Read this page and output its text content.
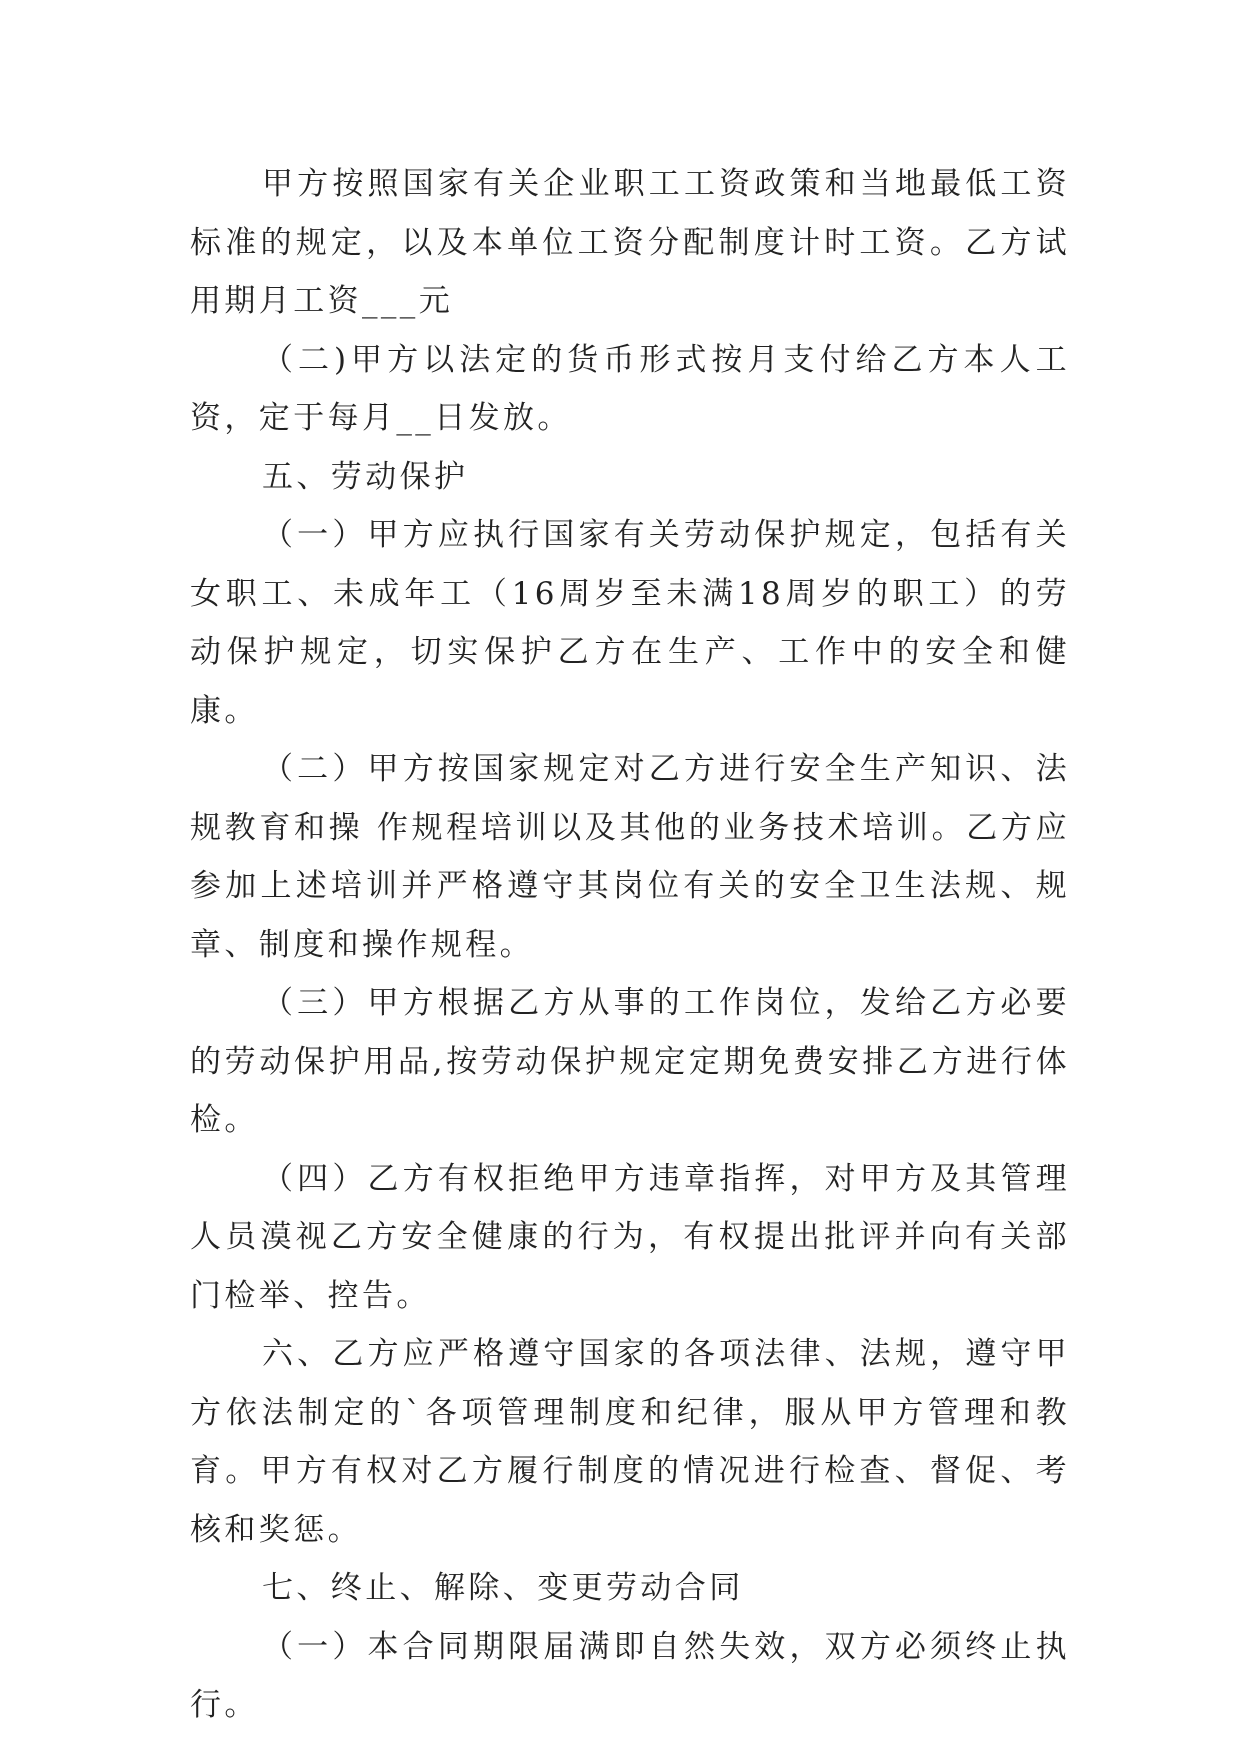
甲方按照国家有关企业职工工资政策和当地最低工资标准的规定，以及本单位工资分配制度计时工资。乙方试用期月工资___元

（二)甲方以法定的货币形式按月支付给乙方本人工资，定于每月__日发放。

五、劳动保护

（一）甲方应执行国家有关劳动保护规定，包括有关女职工、未成年工（16周岁至未满18周岁的职工）的劳动保护规定，切实保护乙方在生产、工作中的安全和健康。

（二）甲方按国家规定对乙方进行安全生产知识、法规教育和操 作规程培训以及其他的业务技术培训。乙方应参加上述培训并严格遵守其岗位有关的安全卫生法规、规章、制度和操作规程。

（三）甲方根据乙方从事的工作岗位，发给乙方必要的劳动保护用品,按劳动保护规定定期免费安排乙方进行体检。

（四）乙方有权拒绝甲方违章指挥，对甲方及其管理人员漠视乙方安全健康的行为，有权提出批评并向有关部门检举、控告。

六、乙方应严格遵守国家的各项法律、法规，遵守甲方依法制定的`各项管理制度和纪律，服从甲方管理和教育。甲方有权对乙方履行制度的情况进行检查、督促、考核和奖惩。

七、终止、解除、变更劳动合同

（一）本合同期限届满即自然失效，双方必须终止执行。
